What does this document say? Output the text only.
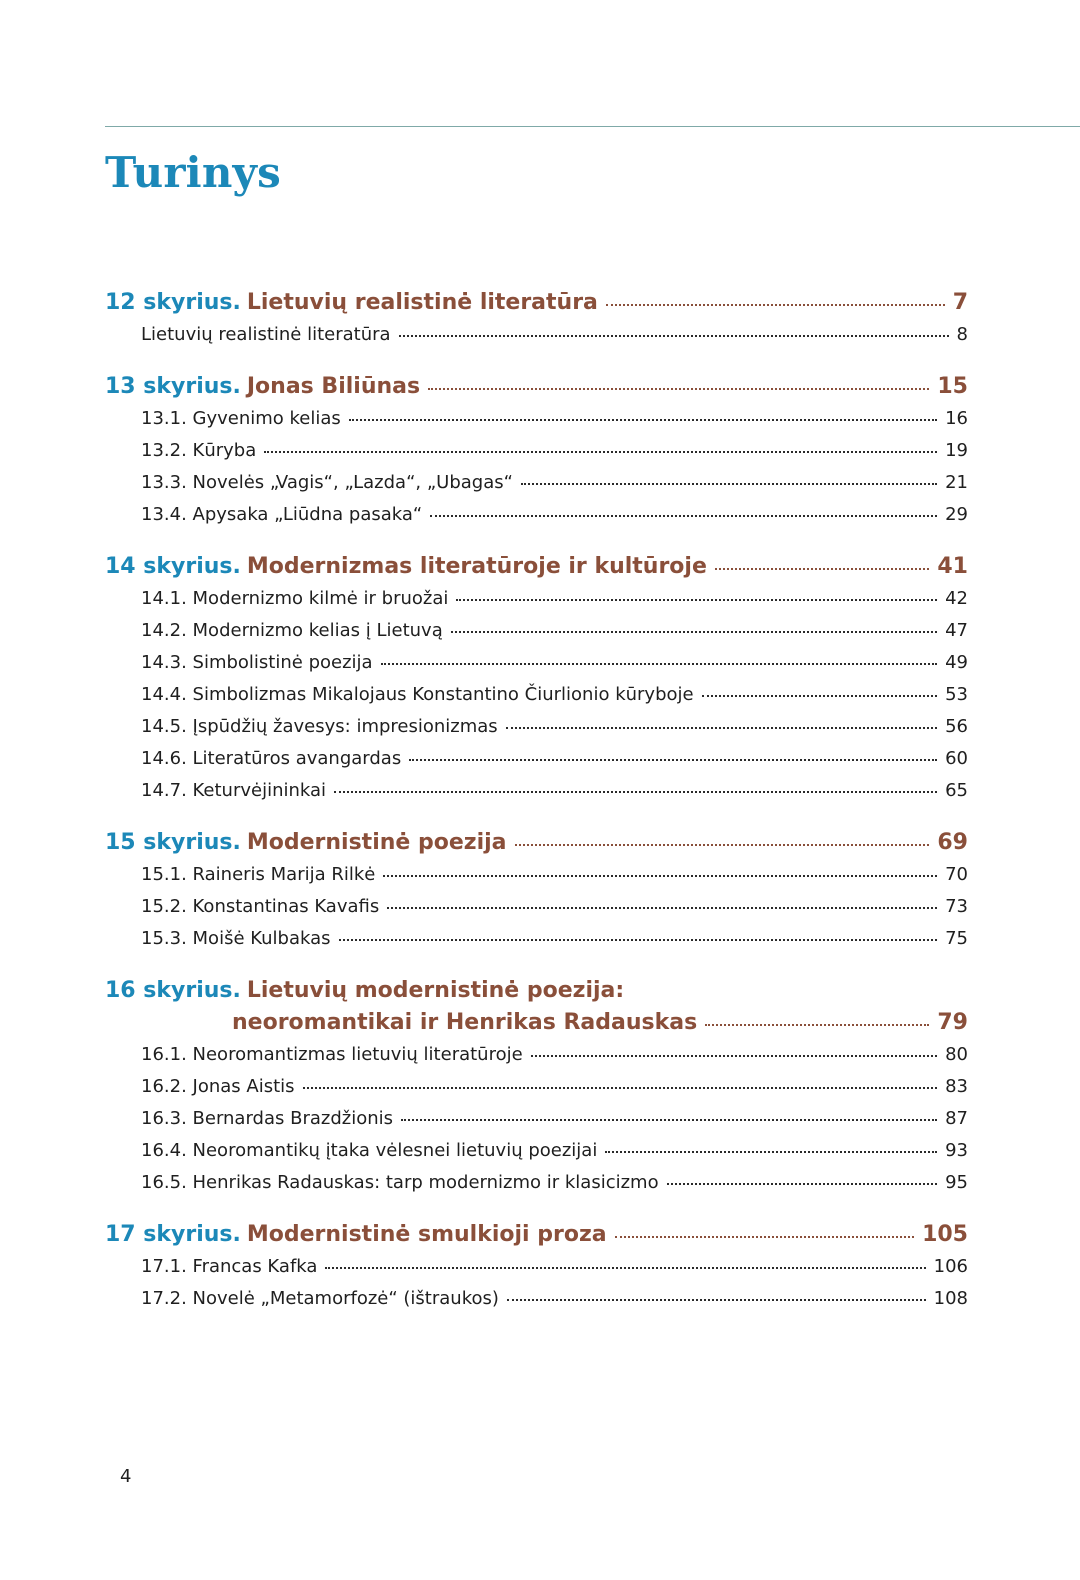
Turinys
12 skyrius. Lietuvių realistinė literatūra	7
Lietuvių realistinė literatūra	8
13 skyrius. Jonas Biliūnas	15
13.1. Gyvenimo kelias	16
13.2. Kūryba	19
13.3. Novelės „Vagis“, „Lazda“, „Ubagas“	21
13.4. Apysaka „Liūdna pasaka“	29
14 skyrius. Modernizmas literatūroje ir kultūroje	41
14.1. Modernizmo kilmė ir bruožai	42
14.2. Modernizmo kelias į Lietuvą	47
14.3. Simbolistinė poezija	49
14.4. Simbolizmas Mikalojaus Konstantino Čiurlionio kūryboje	53
14.5. Įspūdžių žavesys: impresionizmas	56
14.6. Literatūros avangardas	60
14.7. Keturvėjininkai	65
15 skyrius. Modernistinė poezija	69
15.1. Raineris Marija Rilkė	70
15.2. Konstantinas Kavafis	73
15.3. Moišė Kulbakas	75
16 skyrius. Lietuvių modernistinė poezija:
neoromantikai ir Henrikas Radauskas	79
16.1. Neoromantizmas lietuvių literatūroje	80
16.2. Jonas Aistis	83
16.3. Bernardas Brazdžionis	87
16.4. Neoromantikų įtaka vėlesnei lietuvių poezijai	93
16.5. Henrikas Radauskas: tarp modernizmo ir klasicizmo	95
17 skyrius. Modernistinė smulkioji proza	105
17.1. Francas Kafka	106
17.2. Novelė „Metamorfozė“ (ištraukos)	108
4
